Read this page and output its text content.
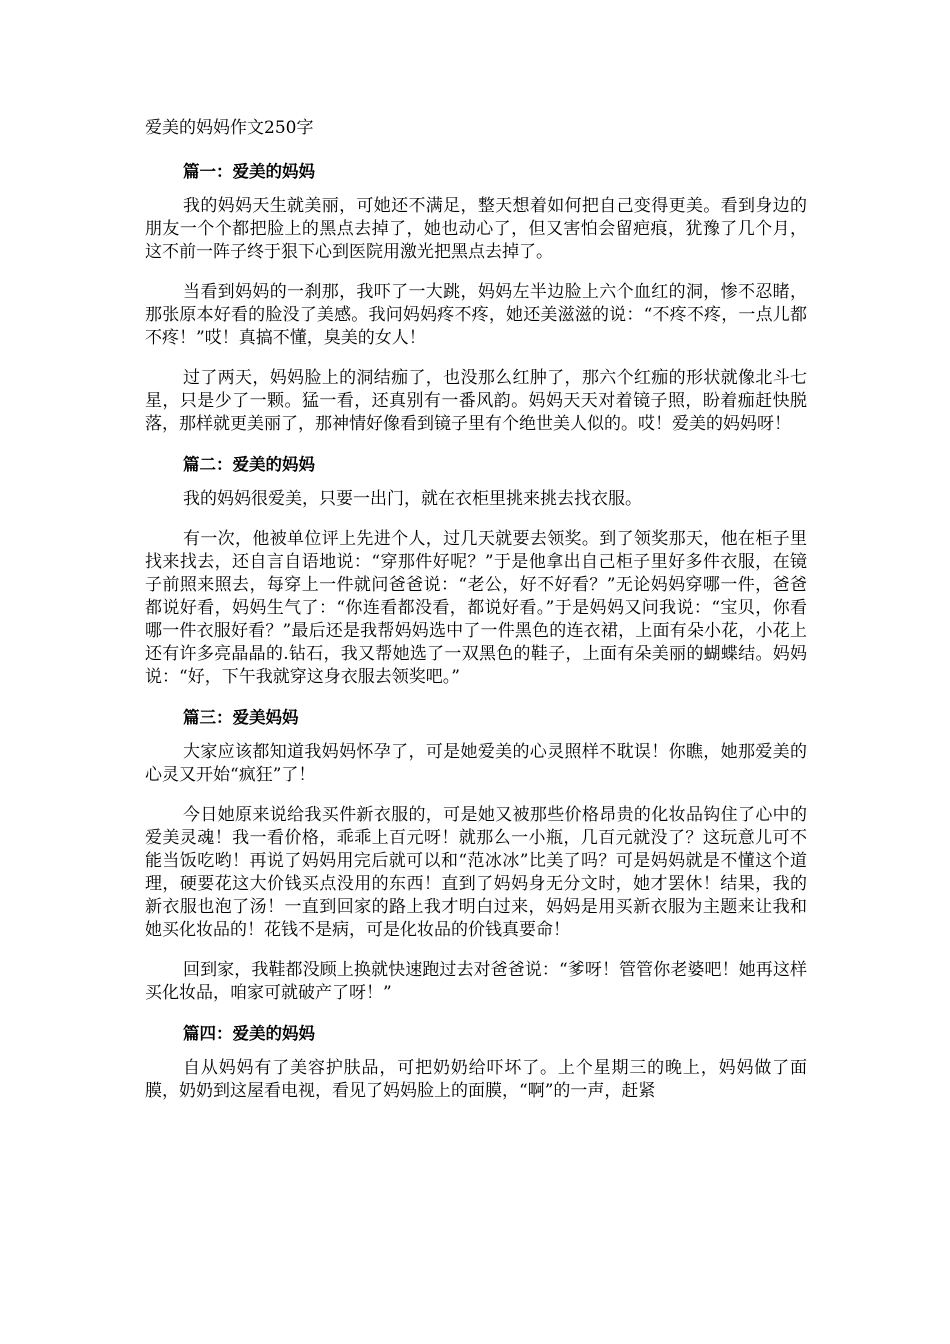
爱美的妈妈作文250字
篇一：爱美的妈妈

我的妈妈天生就美丽，可她还不满足，整天想着如何把自己变得更美。看到身边的朋友一个个都把脸上的黑点去掉了，她也动心了，但又害怕会留疤痕，犹豫了几个月，这不前一阵子终于狠下心到医院用激光把黑点去掉了。

当看到妈妈的一刹那，我吓了一大跳，妈妈左半边脸上六个血红的洞，惨不忍睹，那张原本好看的脸没了美感。我问妈妈疼不疼，她还美滋滋的说：“不疼不疼，一点儿都不疼！”哎！真搞不懂，臭美的女人！

过了两天，妈妈脸上的洞结痂了，也没那么红肿了，那六个红痂的形状就像北斗七星，只是少了一颗。猛一看，还真别有一番风韵。妈妈天天对着镜子照，盼着痂赶快脱落，那样就更美丽了，那神情好像看到镜子里有个绝世美人似的。哎！爱美的妈妈呀！

篇二：爱美的妈妈

我的妈妈很爱美，只要一出门，就在衣柜里挑来挑去找衣服。

有一次，他被单位评上先进个人，过几天就要去领奖。到了领奖那天，他在柜子里找来找去，还自言自语地说：“穿那件好呢？”于是他拿出自己柜子里好多件衣服，在镜子前照来照去，每穿上一件就问爸爸说：“老公，好不好看？”无论妈妈穿哪一件，爸爸都说好看，妈妈生气了：“你连看都没看，都说好看。”于是妈妈又问我说：“宝贝，你看哪一件衣服好看？”最后还是我帮妈妈选中了一件黑色的连衣裙，上面有朵小花，小花上还有许多亮晶晶的.钻石，我又帮她选了一双黑色的鞋子，上面有朵美丽的蝴蝶结。妈妈说：“好，下午我就穿这身衣服去领奖吧。”

篇三：爱美妈妈

大家应该都知道我妈妈怀孕了，可是她爱美的心灵照样不耽误！你瞧，她那爱美的心灵又开始“疯狂”了！

今日她原来说给我买件新衣服的，可是她又被那些价格昂贵的化妆品钩住了心中的爱美灵魂！我一看价格，乖乖上百元呀！就那么一小瓶，几百元就没了？这玩意儿可不能当饭吃哟！再说了妈妈用完后就可以和“范冰冰”比美了吗？可是妈妈就是不懂这个道理，硬要花这大价钱买点没用的东西！直到了妈妈身无分文时，她才罢休！结果，我的新衣服也泡了汤！一直到回家的路上我才明白过来，妈妈是用买新衣服为主题来让我和她买化妆品的！花钱不是病，可是化妆品的价钱真要命！

回到家，我鞋都没顾上换就快速跑过去对爸爸说：“爹呀！管管你老婆吧！她再这样买化妆品，咱家可就破产了呀！”

篇四：爱美的妈妈

自从妈妈有了美容护肤品，可把奶奶给吓坏了。上个星期三的晚上，妈妈做了面膜，奶奶到这屋看电视，看见了妈妈脸上的面膜，“啊”的一声，赶紧
